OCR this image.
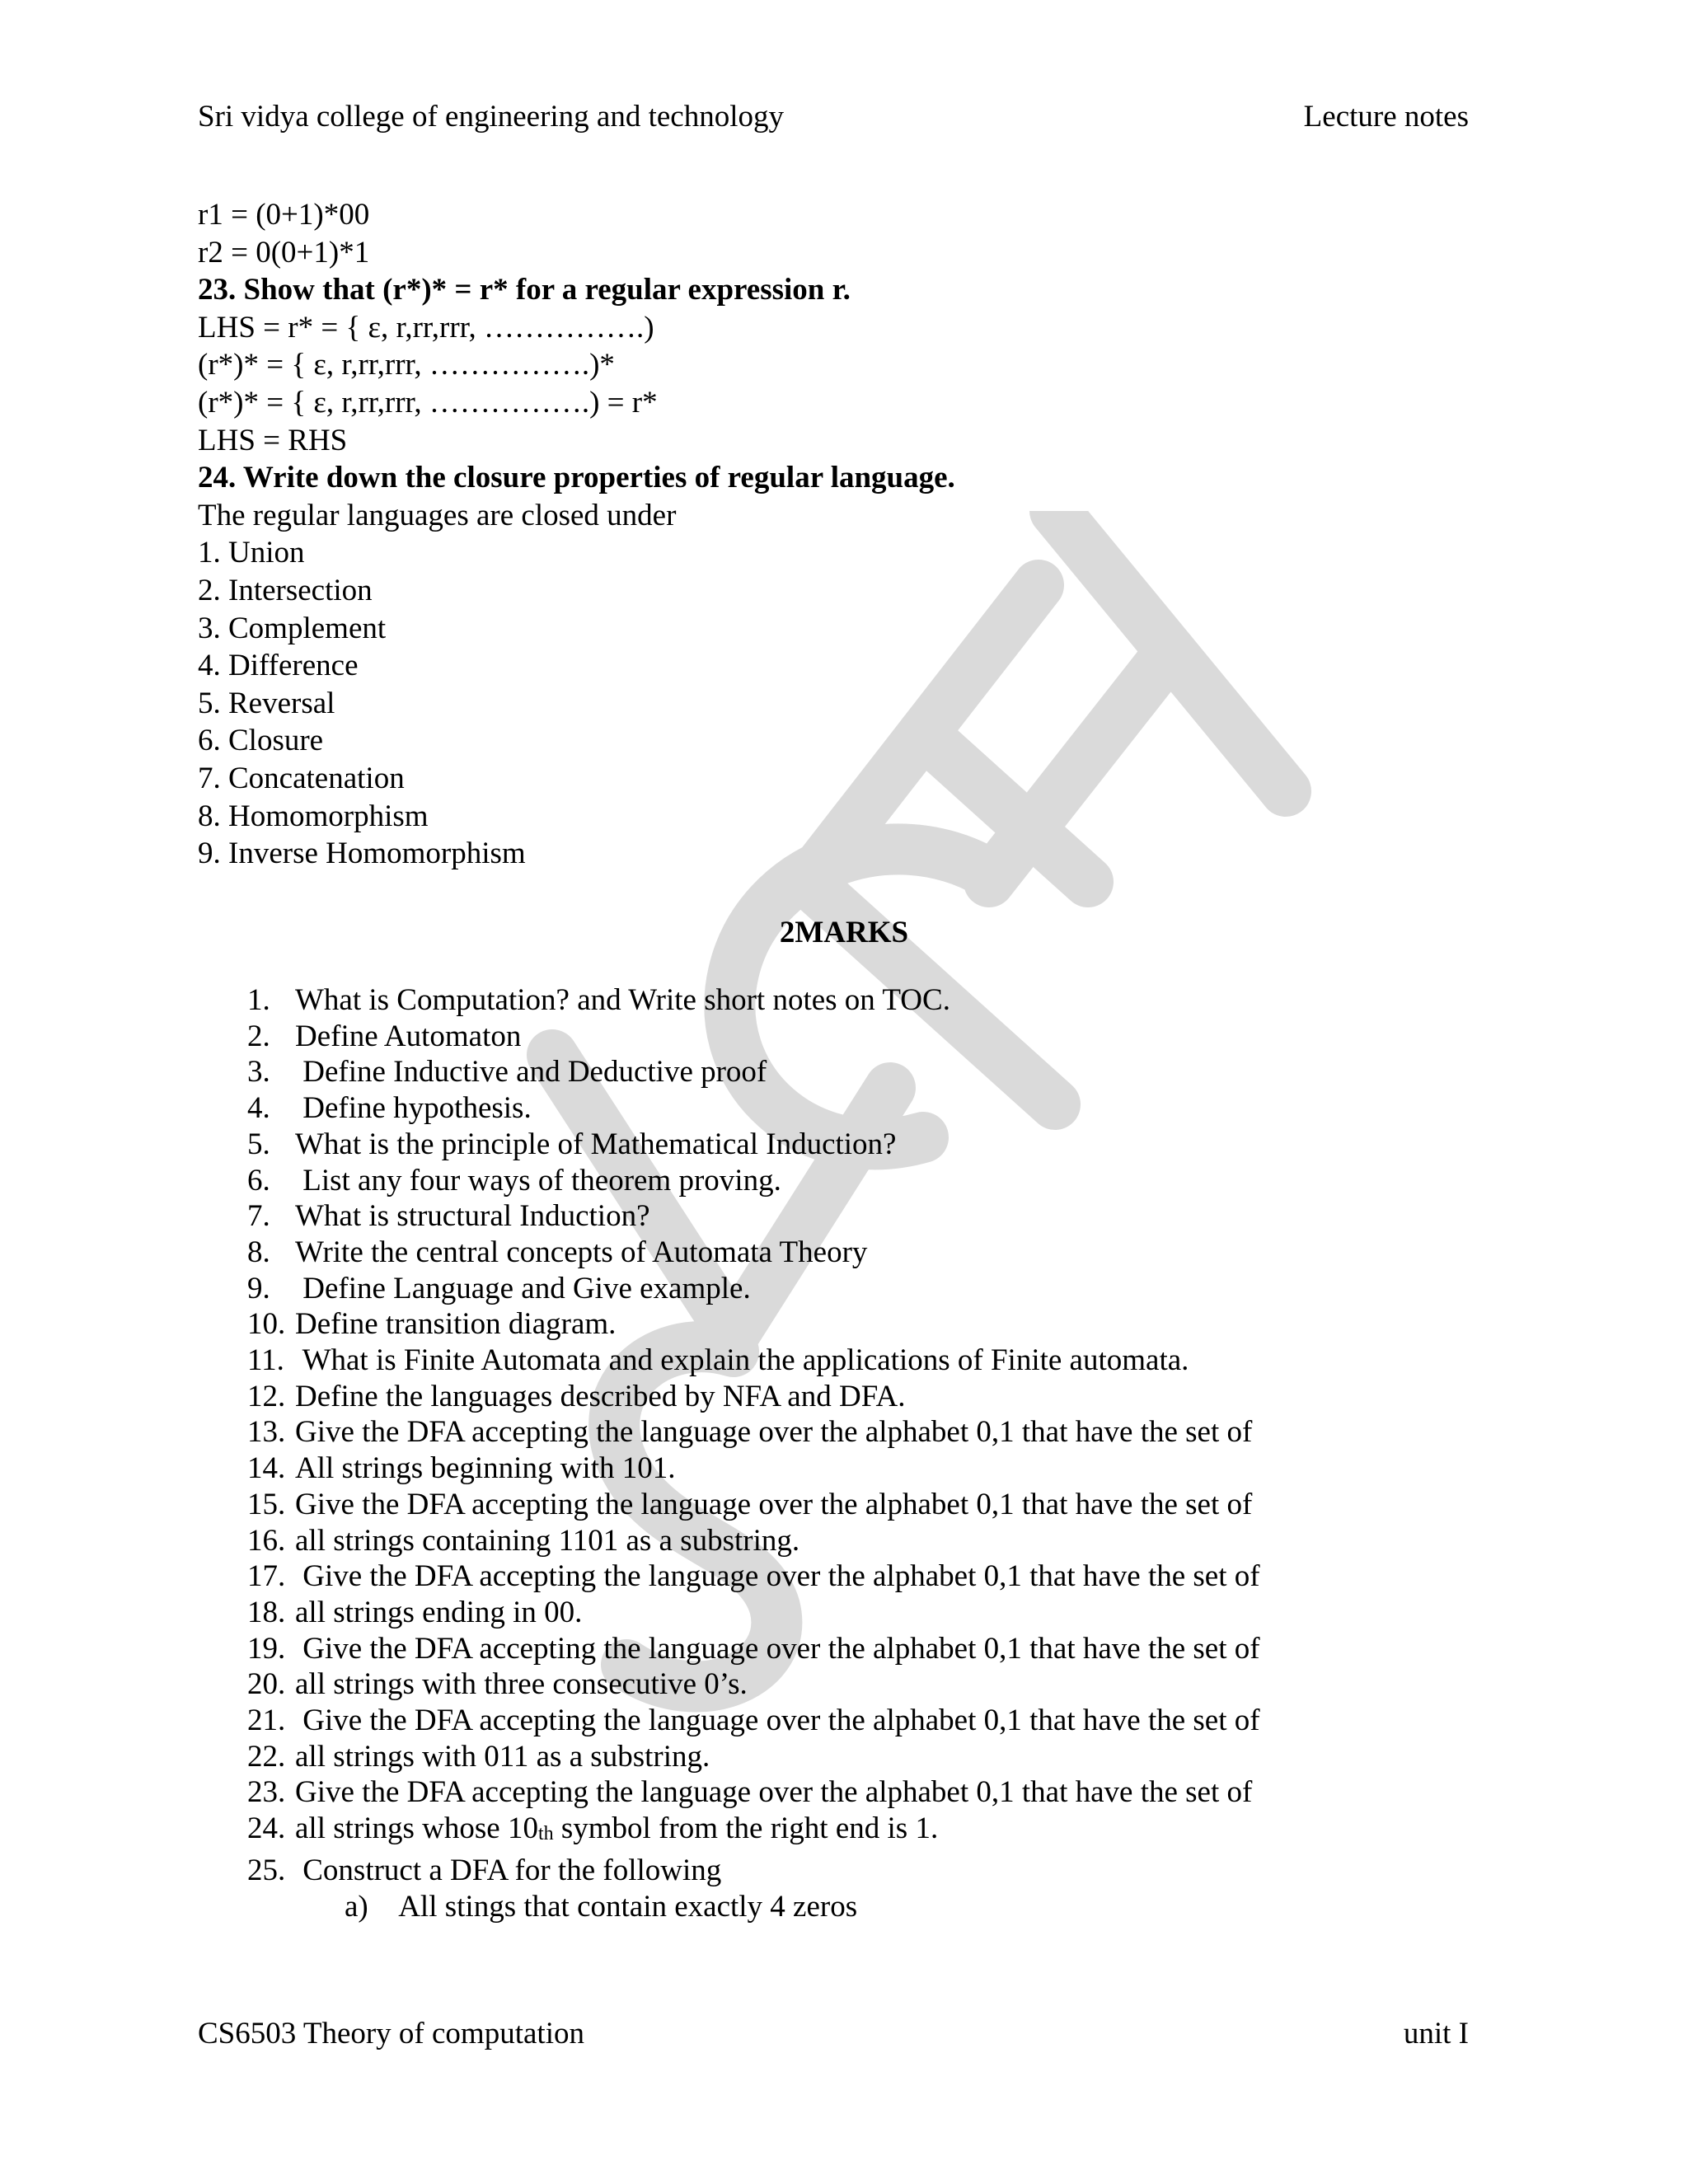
Sri vidya college of engineering and technology	Lecture notes
r1 = (0+1)*00
r2 = 0(0+1)*1
23. Show that (r*)* = r* for a regular expression r.
LHS = r* = { ε, r,rr,rrr, …………….)
(r*)* = { ε, r,rr,rrr, …………….)*
(r*)* = { ε, r,rr,rrr, …………….) = r*
LHS = RHS
24. Write down the closure properties of regular language.
The regular languages are closed under
1. Union
2. Intersection
3. Complement
4. Difference
5. Reversal
6. Closure
7. Concatenation
8. Homomorphism
9. Inverse Homomorphism
2MARKS
1. What is Computation? and Write short notes on TOC.
2. Define Automaton
3. Define Inductive and Deductive proof
4. Define hypothesis.
5. What is the principle of Mathematical Induction?
6. List any four ways of theorem proving.
7. What is structural Induction?
8. Write the central concepts of Automata Theory
9. Define Language and Give example.
10. Define transition diagram.
11. What is Finite Automata and explain the applications of Finite automata.
12. Define the languages described by NFA and DFA.
13. Give the DFA accepting the language over the alphabet 0,1 that have the set of
14. All strings beginning with 101.
15. Give the DFA accepting the language over the alphabet 0,1 that have the set of
16. all strings containing 1101 as a substring.
17. Give the DFA accepting the language over the alphabet 0,1 that have the set of
18. all strings ending in 00.
19. Give the DFA accepting the language over the alphabet 0,1 that have the set of
20. all strings with three consecutive 0’s.
21. Give the DFA accepting the language over the alphabet 0,1 that have the set of
22. all strings with 011 as a substring.
23. Give the DFA accepting the language over the alphabet 0,1 that have the set of
24. all strings whose $10_{th}$ symbol from the right end is 1.
25. Construct a DFA for the following
a) All stings that contain exactly 4 zeros
CS6503 Theory of computation	unit I
